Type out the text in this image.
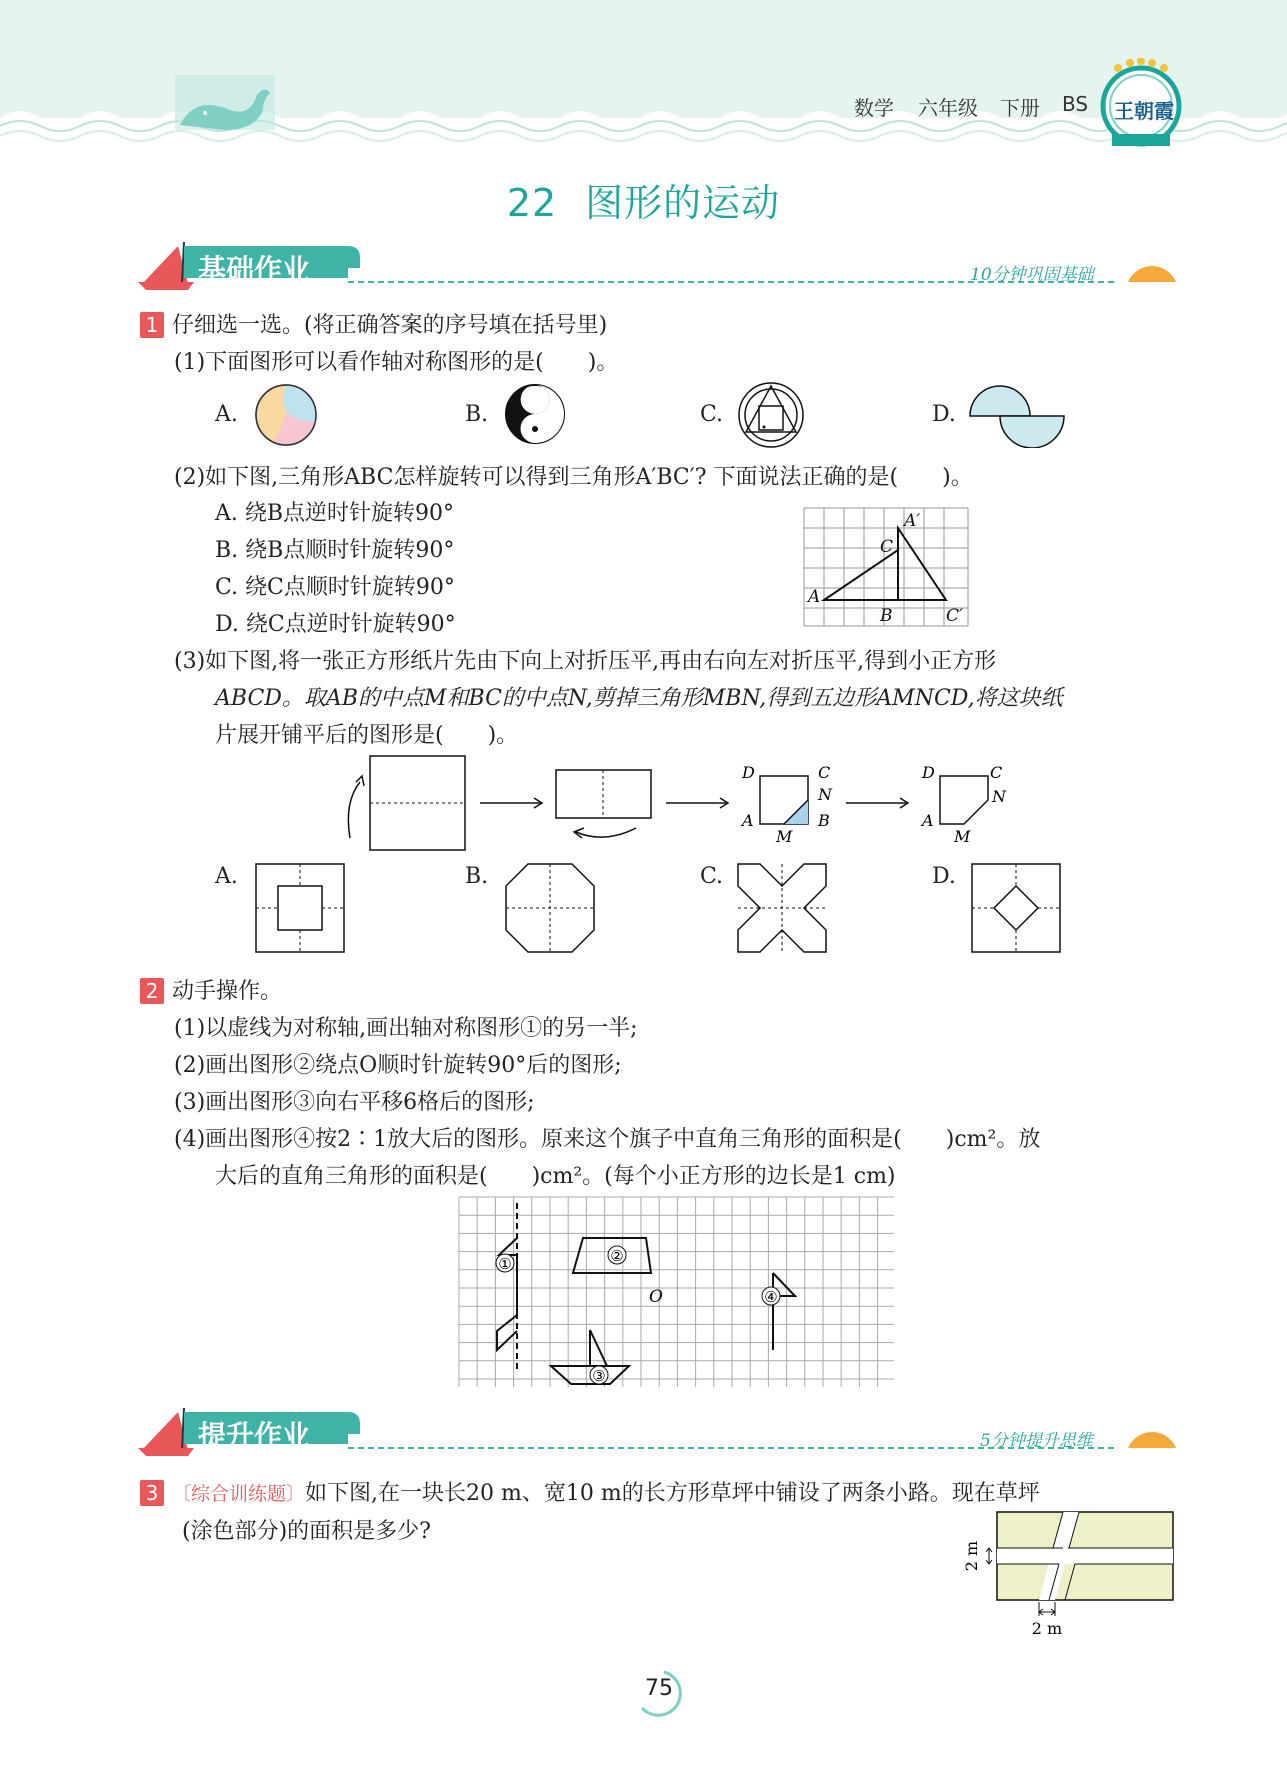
数学 六年级 下册 BS 王朝霞
22 图形的运动
基础作业	10分钟巩固基础
1 仔细选一选。(将正确答案的序号填在括号里)
(1)下面图形可以看作轴对称图形的是(　　)。
A.	B.	C.	D.
(2)如下图,三角形ABC怎样旋转可以得到三角形A′BC′? 下面说法正确的是(　　)。
A. 绕B点逆时针旋转90°
B. 绕B点顺时针旋转90°
C. 绕C点顺时针旋转90°
D. 绕C点逆时针旋转90°
A′
C
A
B	C′
(3)如下图,将一张正方形纸片先由下向上对折压平,再由右向左对折压平,得到小正方形
ABCD。取AB的中点M和BC的中点N,剪掉三角形MBN,得到五边形AMNCD,将这块纸
片展开铺平后的图形是(　　)。
D	C
N
A
M
B
D	C
N
A
M
A.	B.	C.	D.
2 动手操作。
(1)以虚线为对称轴,画出轴对称图形①的另一半;
(2)画出图形②绕点O顺时针旋转90°后的图形;
(3)画出图形③向右平移6格后的图形;
(4)画出图形④按2∶1放大后的图形。原来这个旗子中直角三角形的面积是(　　)cm²。放
大后的直角三角形的面积是(　　)cm²。(每个小正方形的边长是1 cm)
①	②
③
④
O
提升作业	5分钟提升思维
3 〔综合训练题〕如下图,在一块长20 m、宽10 m的长方形草坪中铺设了两条小路。现在草坪
(涂色部分)的面积是多少?
2 m
2 m
75
